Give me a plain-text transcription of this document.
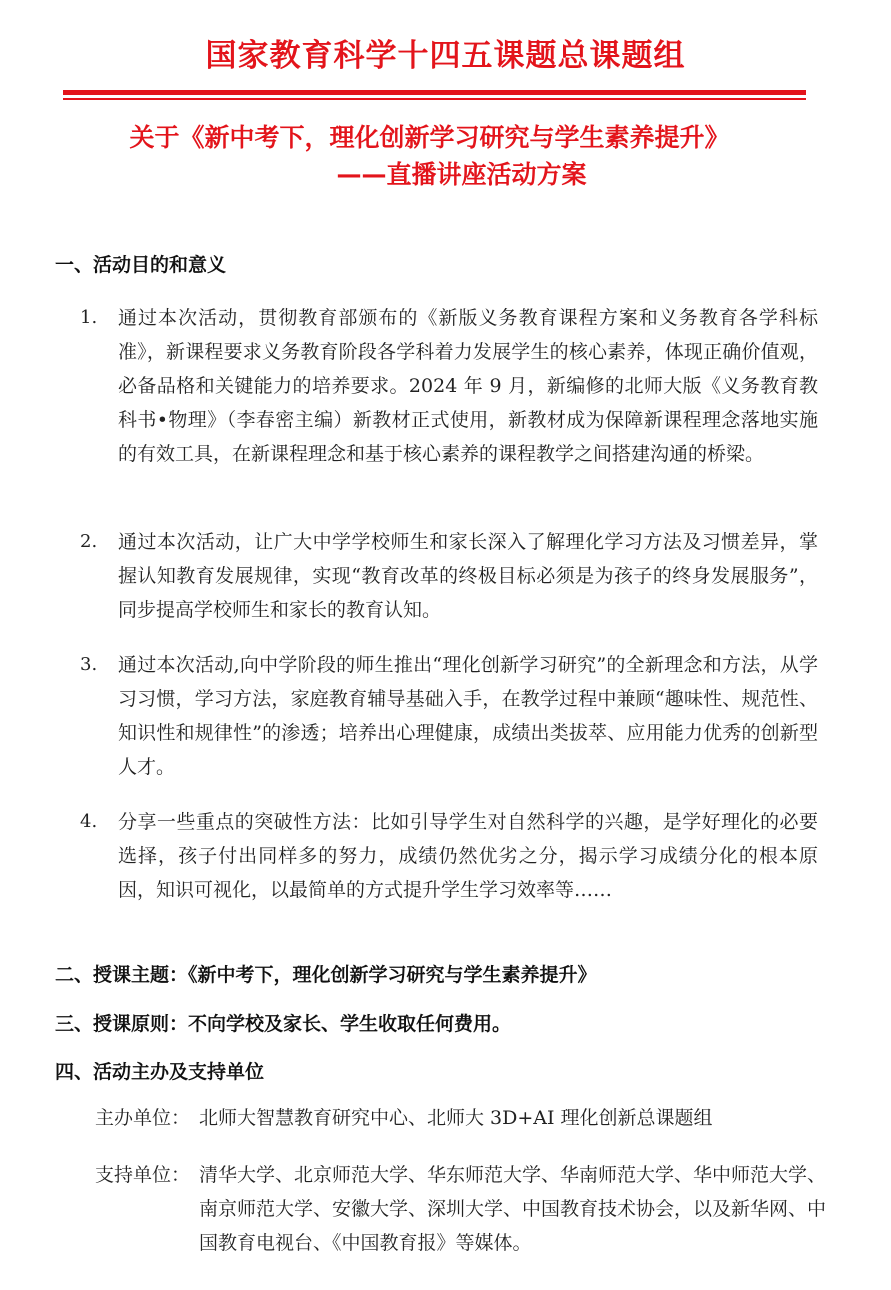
国家教育科学十四五课题总课题组
关于《新中考下，理化创新学习研究与学生素养提升》
——直播讲座活动方案
一、活动目的和意义
1.	通过本次活动，贯彻教育部颁布的《新版义务教育课程方案和义务教育各学科标准》，新课程要求义务教育阶段各学科着力发展学生的核心素养，体现正确价值观，必备品格和关键能力的培养要求。2024 年 9 月，新编修的北师大版《义务教育教科书•物理》（李春密主编）新教材正式使用，新教材成为保障新课程理念落地实施的有效工具，在新课程理念和基于核心素养的课程教学之间搭建沟通的桥梁。
2.	通过本次活动，让广大中学学校师生和家长深入了解理化学习方法及习惯差异，掌握认知教育发展规律，实现“教育改革的终极目标必须是为孩子的终身发展服务”，同步提高学校师生和家长的教育认知。
3.	通过本次活动,向中学阶段的师生推出“理化创新学习研究”的全新理念和方法，从学习习惯，学习方法，家庭教育辅导基础入手，在教学过程中兼顾“趣味性、规范性、知识性和规律性”的渗透；培养出心理健康，成绩出类拔萃、应用能力优秀的创新型人才。
4.	分享一些重点的突破性方法：比如引导学生对自然科学的兴趣，是学好理化的必要选择，孩子付出同样多的努力，成绩仍然优劣之分，揭示学习成绩分化的根本原因，知识可视化，以最简单的方式提升学生学习效率等……
二、授课主题：《新中考下，理化创新学习研究与学生素养提升》
三、授课原则：不向学校及家长、学生收取任何费用。
四、活动主办及支持单位
主办单位： 北师大智慧教育研究中心、北师大 3D+AI 理化创新总课题组
支持单位： 清华大学、北京师范大学、华东师范大学、华南师范大学、华中师范大学、南京师范大学、安徽大学、深圳大学、中国教育技术协会，以及新华网、中国教育电视台、《中国教育报》等媒体。
